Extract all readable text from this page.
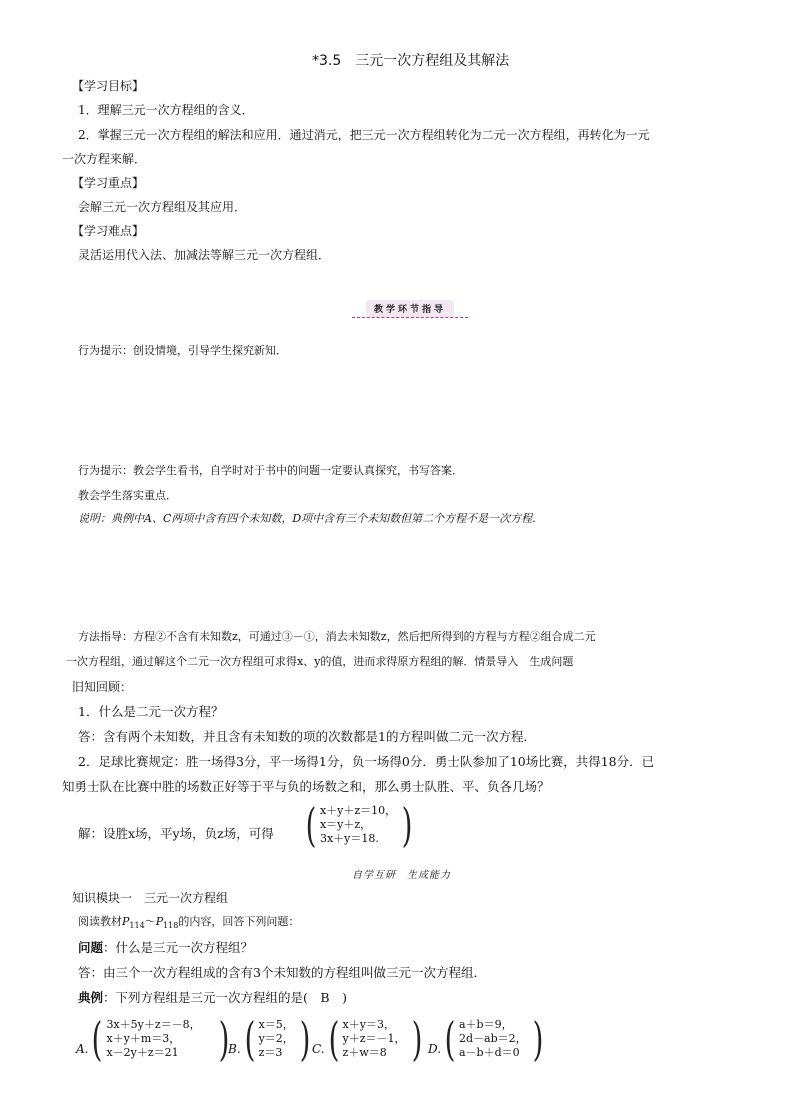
*3.5　三元一次方程组及其解法
【学习目标】
1．理解三元一次方程组的含义．
2．掌握三元一次方程组的解法和应用．通过消元，把三元一次方程组转化为二元一次方程组，再转化为一元
一次方程来解．
【学习重点】
会解三元一次方程组及其应用．
【学习难点】
灵活运用代入法、加减法等解三元一次方程组．
教学环节指导
行为提示：创设情境，引导学生探究新知．
行为提示：教会学生看书，自学时对于书中的问题一定要认真探究，书写答案．
教会学生落实重点．
说明：典例中A、C两项中含有四个未知数，D项中含有三个未知数但第二个方程不是一次方程．
方法指导：方程②不含有未知数z，可通过③－①，消去未知数z，然后把所得到的方程与方程②组合成二元
一次方程组，通过解这个二元一次方程组可求得x、y的值，进而求得原方程组的解．情景导入　生成问题
旧知回顾：
1．什么是二元一次方程？
答：含有两个未知数，并且含有未知数的项的次数都是1的方程叫做二元一次方程．
2．足球比赛规定：胜一场得3分，平一场得1分，负一场得0分．勇士队参加了10场比赛，共得18分．已
知勇士队在比赛中胜的场数正好等于平与负的场数之和，那么勇士队胜、平、负各几场？
解：设胜x场，平y场，负z场，可得 ( x＋y＋z＝10，
x＝y＋z，
3x＋y＝18. )
自学互研　生成能力
知识模块一　三元一次方程组
阅读教材$P_{114}\sim P_{118}$的内容，回答下列问题：
问题：什么是三元一次方程组？
答：由三个一次方程组成的含有3个未知数的方程组叫做三元一次方程组．
典例：下列方程组是三元一次方程组的是(　B　)
A. ( 3x＋5y＋z＝－8，
x＋y＋m＝3，
x－2y＋z＝21 )
B. ( x＝5，
y＝2，
z＝3 ) C. ( x＋y＝3，
y＋z＝－1，
z＋w＝8 ) D. ( a＋b＝9，
2d－ab＝2，
a－b＋d＝0 )
